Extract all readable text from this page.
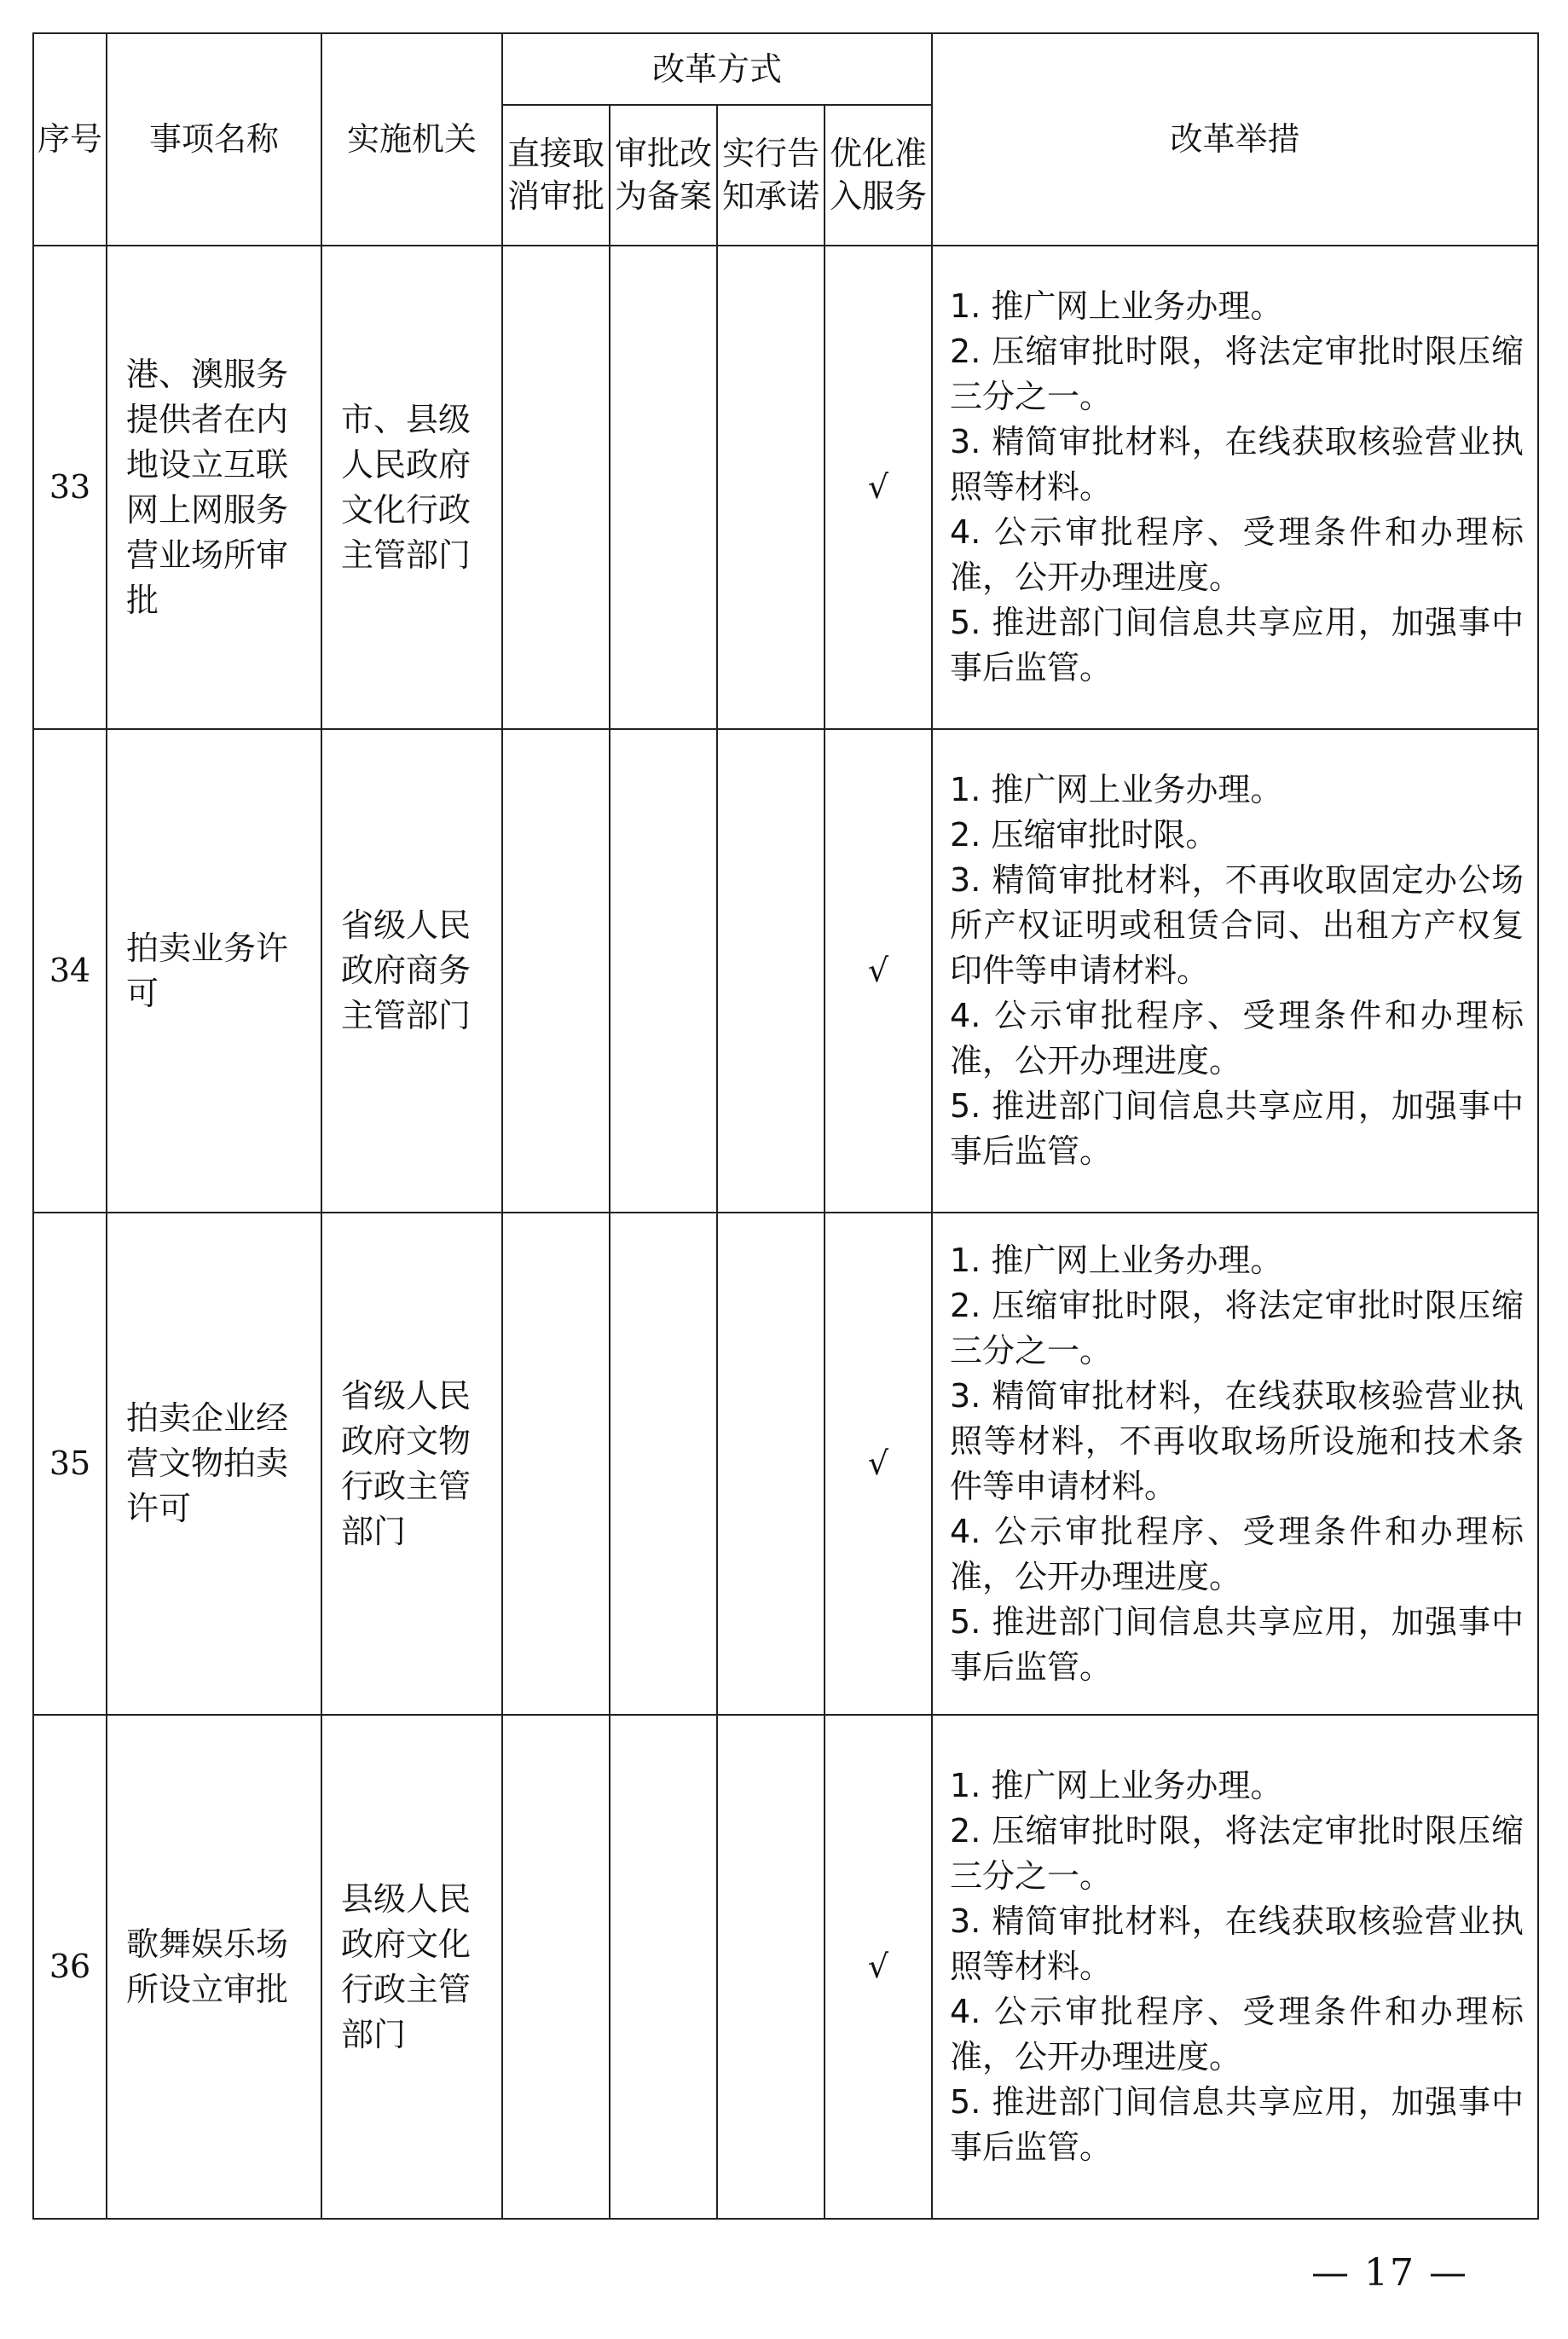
序号	事项名称	实施机关	改革方式				改革举措
			直接取消审批	审批改为备案	实行告知承诺	优化准入服务	
33	港、澳服务提供者在内地设立互联网上网服务营业场所审批	市、县级人民政府文化行政主管部门				√	1. 推广网上业务办理。
2. 压缩审批时限，将法定审批时限压缩三分之一。
3. 精简审批材料，在线获取核验营业执照等材料。
4. 公示审批程序、受理条件和办理标准，公开办理进度。
5. 推进部门间信息共享应用，加强事中事后监管。

34	拍卖业务许可	省级人民政府商务主管部门				√	1. 推广网上业务办理。
2. 压缩审批时限。
3. 精简审批材料，不再收取固定办公场所产权证明或租赁合同、出租方产权复印件等申请材料。
4. 公示审批程序、受理条件和办理标准，公开办理进度。
5. 推进部门间信息共享应用，加强事中事后监管。

35	拍卖企业经营文物拍卖许可	省级人民政府文物行政主管部门				√	1. 推广网上业务办理。
2. 压缩审批时限，将法定审批时限压缩三分之一。
3. 精简审批材料，在线获取核验营业执照等材料，不再收取场所设施和技术条件等申请材料。
4. 公示审批程序、受理条件和办理标准，公开办理进度。
5. 推进部门间信息共享应用，加强事中事后监管。

36	歌舞娱乐场所设立审批	县级人民政府文化行政主管部门				√	1. 推广网上业务办理。
2. 压缩审批时限，将法定审批时限压缩三分之一。
3. 精简审批材料，在线获取核验营业执照等材料。
4. 公示审批程序、受理条件和办理标准，公开办理进度。
5. 推进部门间信息共享应用，加强事中事后监管。
— 17 —
